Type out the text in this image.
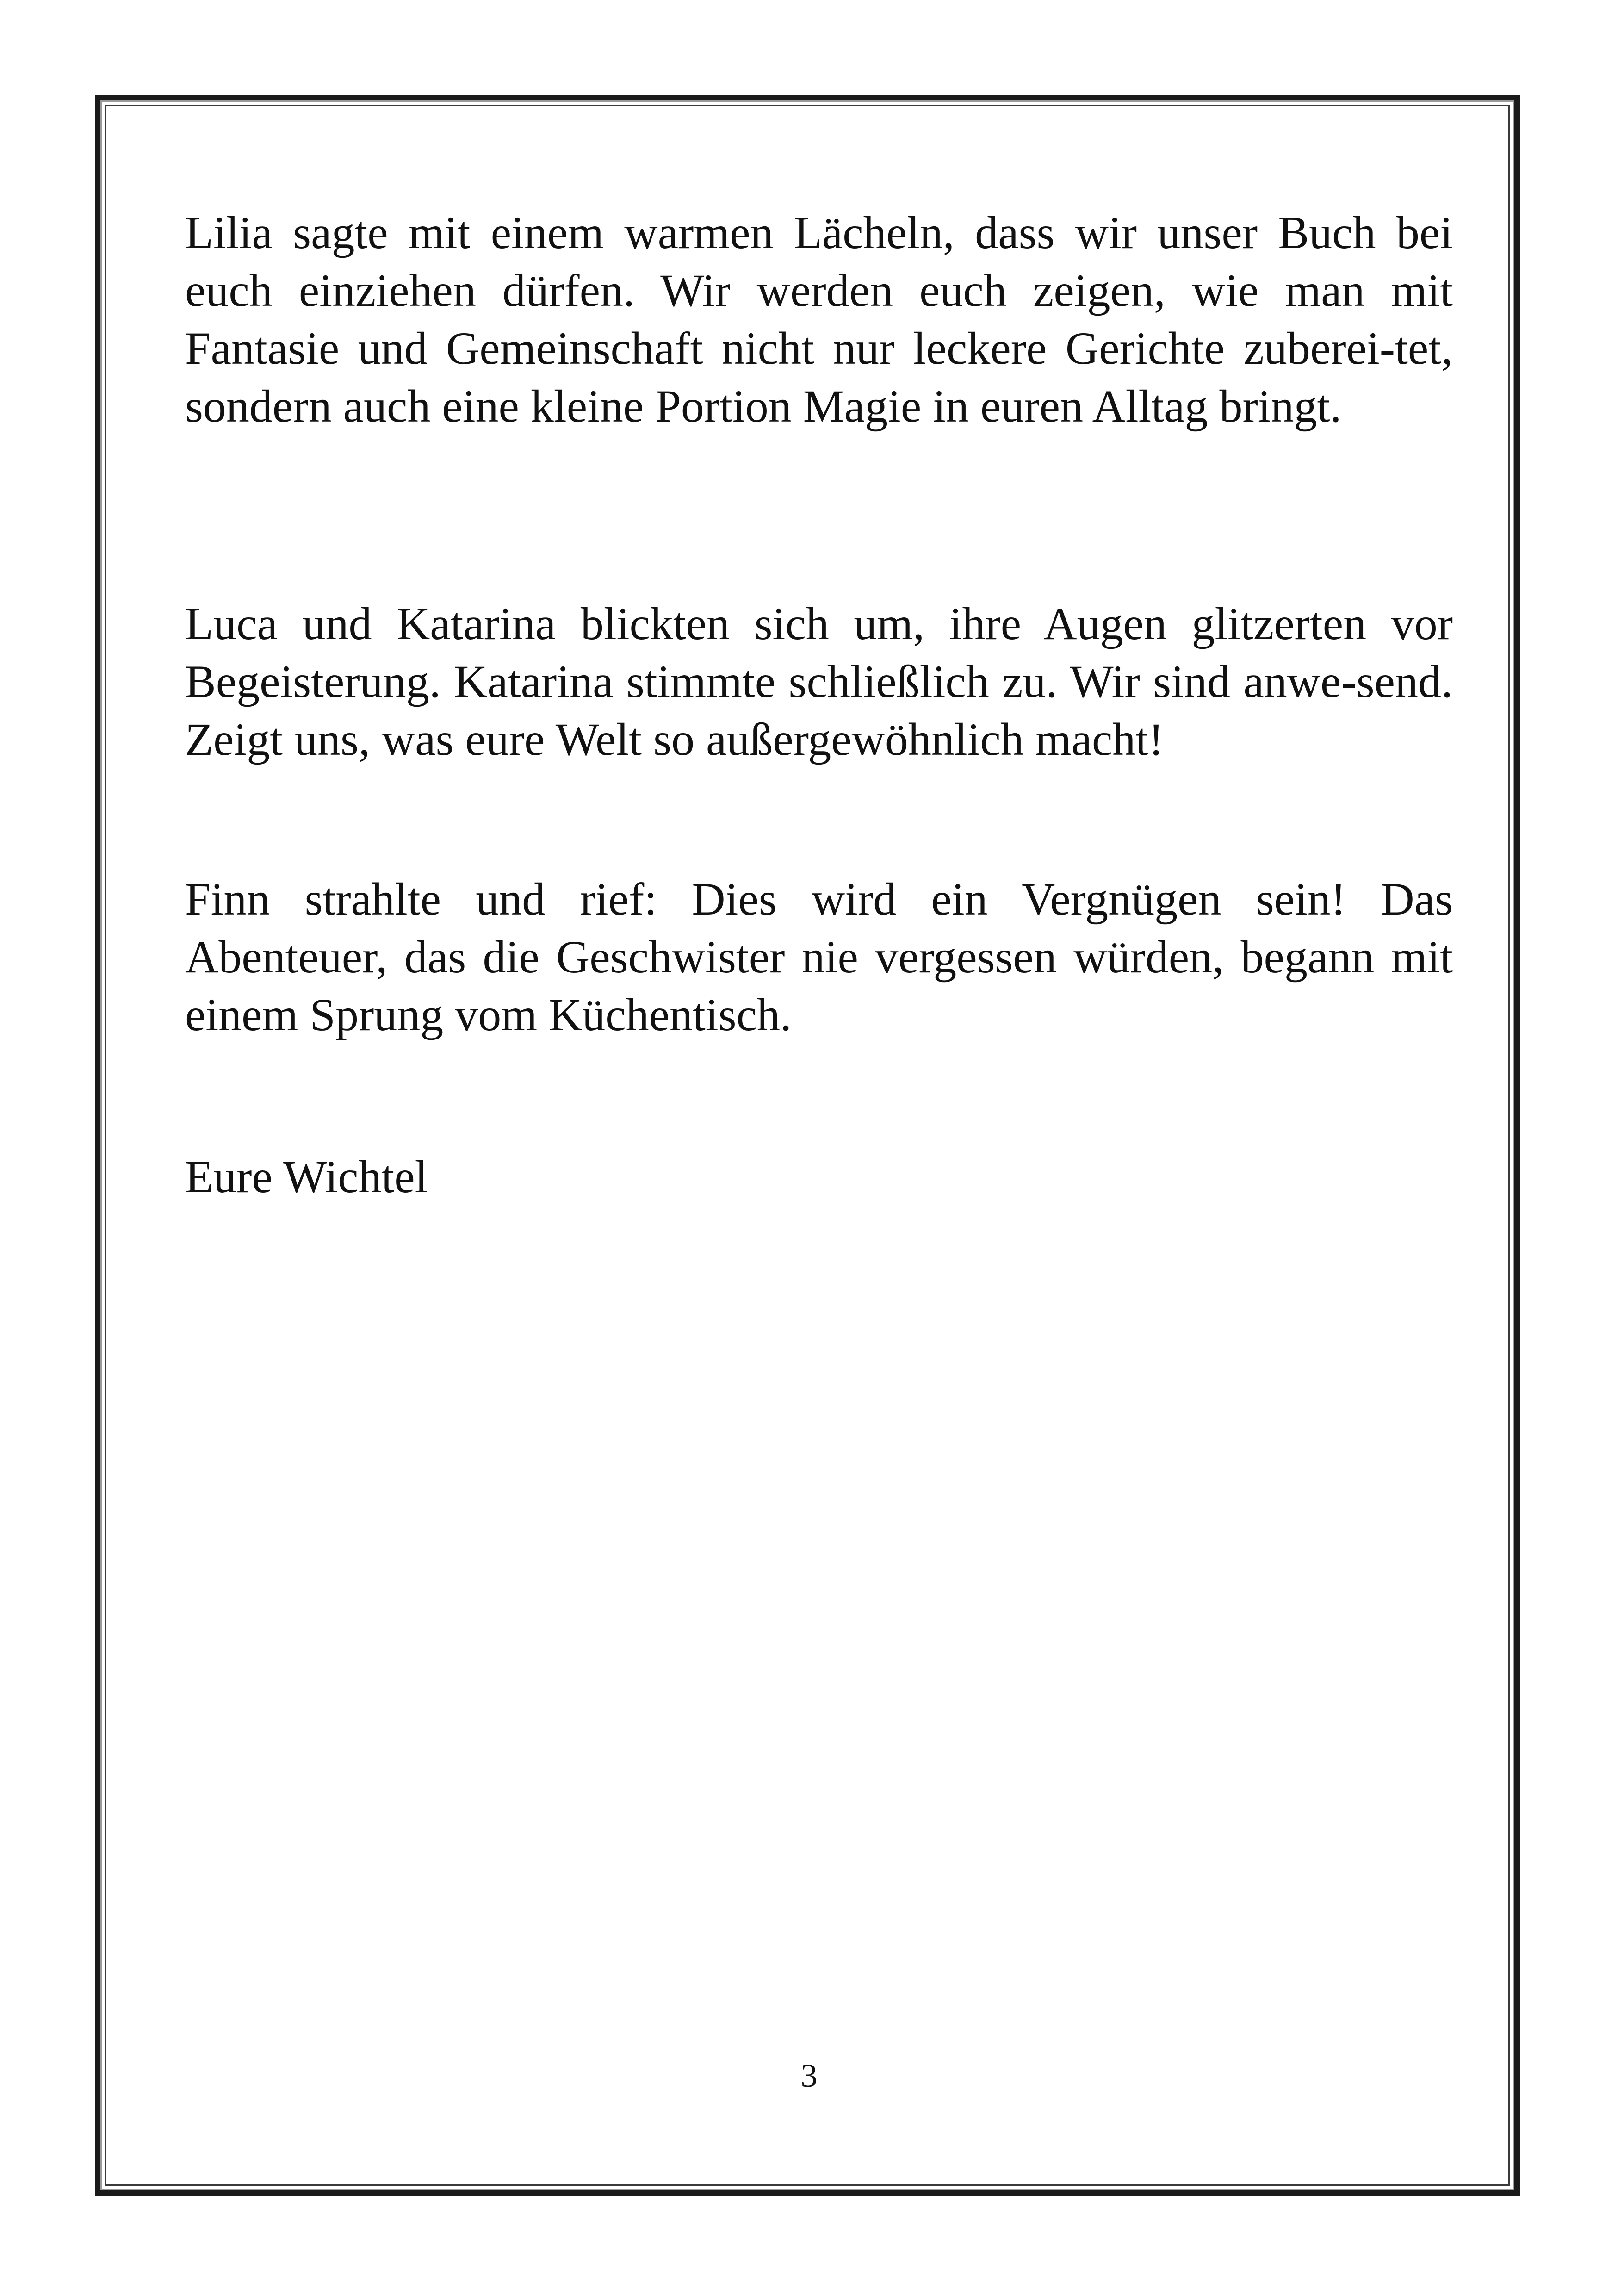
Lilia sagte mit einem warmen Lächeln, dass wir unser Buch bei euch einziehen dürfen. Wir werden euch zeigen, wie man mit Fantasie und Gemeinschaft nicht nur leckere Gerichte zuberei-tet, sondern auch eine kleine Portion Magie in euren Alltag bringt.

Luca und Katarina blickten sich um, ihre Augen glitzerten vor Begeisterung. Katarina stimmte schließlich zu. Wir sind anwe-send. Zeigt uns, was eure Welt so außergewöhnlich macht!

Finn strahlte und rief: Dies wird ein Vergnügen sein! Das Abenteuer, das die Geschwister nie vergessen würden, begann mit einem Sprung vom Küchentisch.

Eure Wichtel

3
